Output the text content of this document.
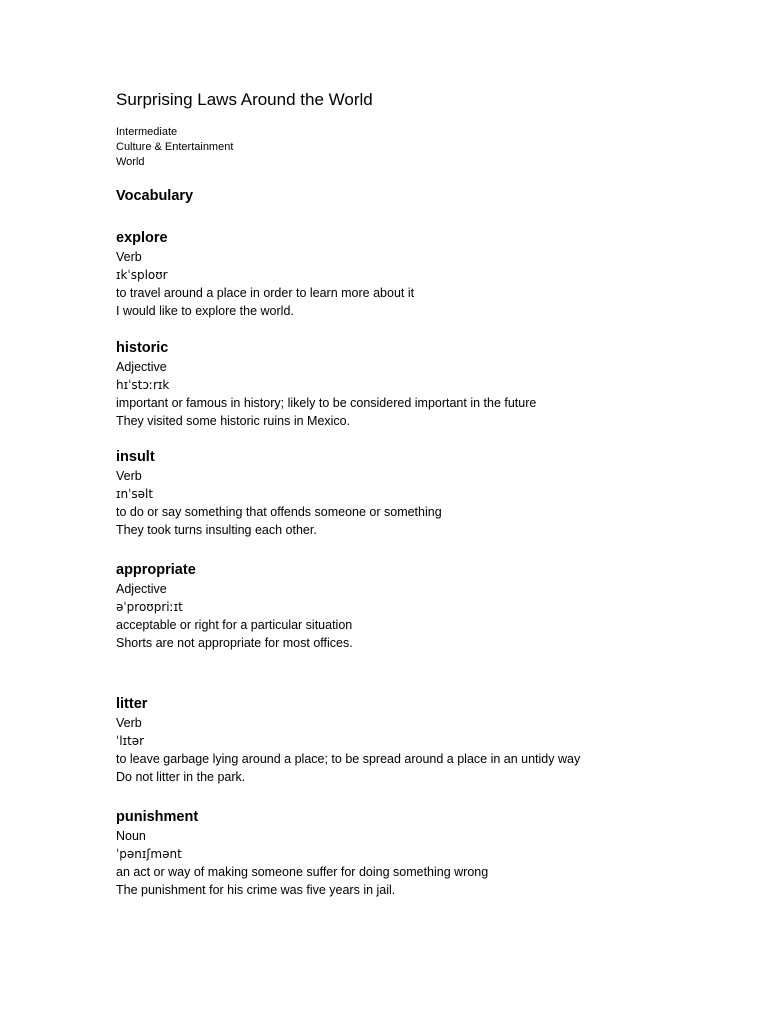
Surprising Laws Around the World
Intermediate
Culture & Entertainment
World
Vocabulary
explore
Verb
ɪkˈsploʊr
to travel around a place in order to learn more about it
I would like to explore the world.
historic
Adjective
hɪˈstɔːrɪk
important or famous in history; likely to be considered important in the future
They visited some historic ruins in Mexico.
insult
Verb
ɪnˈsəlt
to do or say something that offends someone or something
They took turns insulting each other.
appropriate
Adjective
əˈproʊpriːɪt
acceptable or right for a particular situation
Shorts are not appropriate for most offices.
litter
Verb
ˈlɪtər
to leave garbage lying around a place; to be spread around a place in an untidy way
Do not litter in the park.
punishment
Noun
ˈpənɪʃmənt
an act or way of making someone suffer for doing something wrong
The punishment for his crime was five years in jail.
